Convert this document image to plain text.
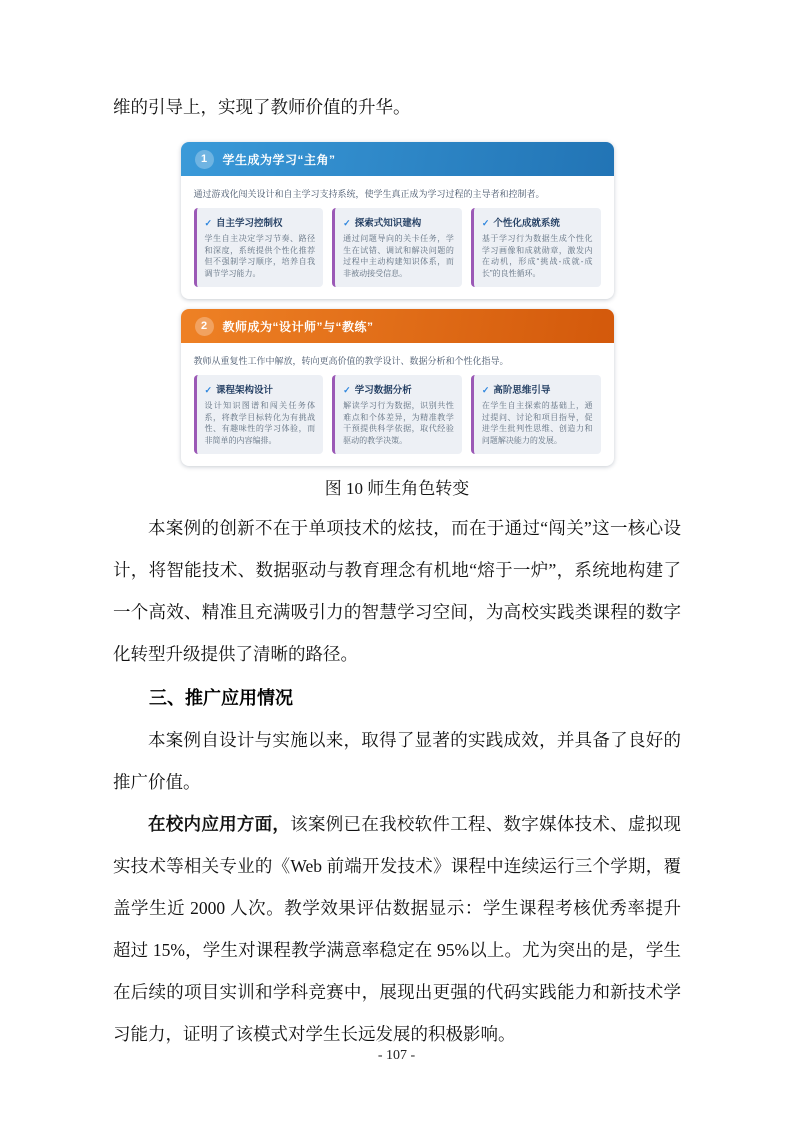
维的引导上，实现了教师价值的升华。

1	学生成为学习“主角”

通过游戏化闯关设计和自主学习支持系统，使学生真正成为学习过程的主导者和控制者。

✓ 自主学习控制权

学生自主决定学习节奏、路径和深度，系统提供个性化推荐但不强制学习顺序，培养自我调节学习能力。

✓ 探索式知识建构

通过问题导向的关卡任务，学生在试错、调试和解决问题的过程中主动构建知识体系，而非被动接受信息。

✓ 个性化成就系统

基于学习行为数据生成个性化学习画像和成就勋章，激发内在动机，形成“挑战-成就-成长”的良性循环。

2	教师成为“设计师”与“教练”

教师从重复性工作中解放，转向更高价值的教学设计、数据分析和个性化指导。

✓ 课程架构设计

设计知识图谱和闯关任务体系，将教学目标转化为有挑战性、有趣味性的学习体验，而非简单的内容编排。

✓ 学习数据分析

解读学习行为数据，识别共性难点和个体差异，为精准教学干预提供科学依据，取代经验驱动的教学决策。

✓ 高阶思维引导

在学生自主探索的基础上，通过提问、讨论和项目指导，促进学生批判性思维、创造力和问题解决能力的发展。

图 10 师生角色转变

本案例的创新不在于单项技术的炫技，而在于通过“闯关”这一核心设计，将智能技术、数据驱动与教育理念有机地“熔于一炉”，系统地构建了一个高效、精准且充满吸引力的智慧学习空间，为高校实践类课程的数字化转型升级提供了清晰的路径。

三、推广应用情况

本案例自设计与实施以来，取得了显著的实践成效，并具备了良好的推广价值。

在校内应用方面，该案例已在我校软件工程、数字媒体技术、虚拟现实技术等相关专业的《Web 前端开发技术》课程中连续运行三个学期，覆盖学生近 2000 人次。教学效果评估数据显示：学生课程考核优秀率提升超过 15%，学生对课程教学满意率稳定在 95%以上。尤为突出的是，学生在后续的项目实训和学科竞赛中，展现出更强的代码实践能力和新技术学习能力，证明了该模式对学生长远发展的积极影响。

- 107 -
